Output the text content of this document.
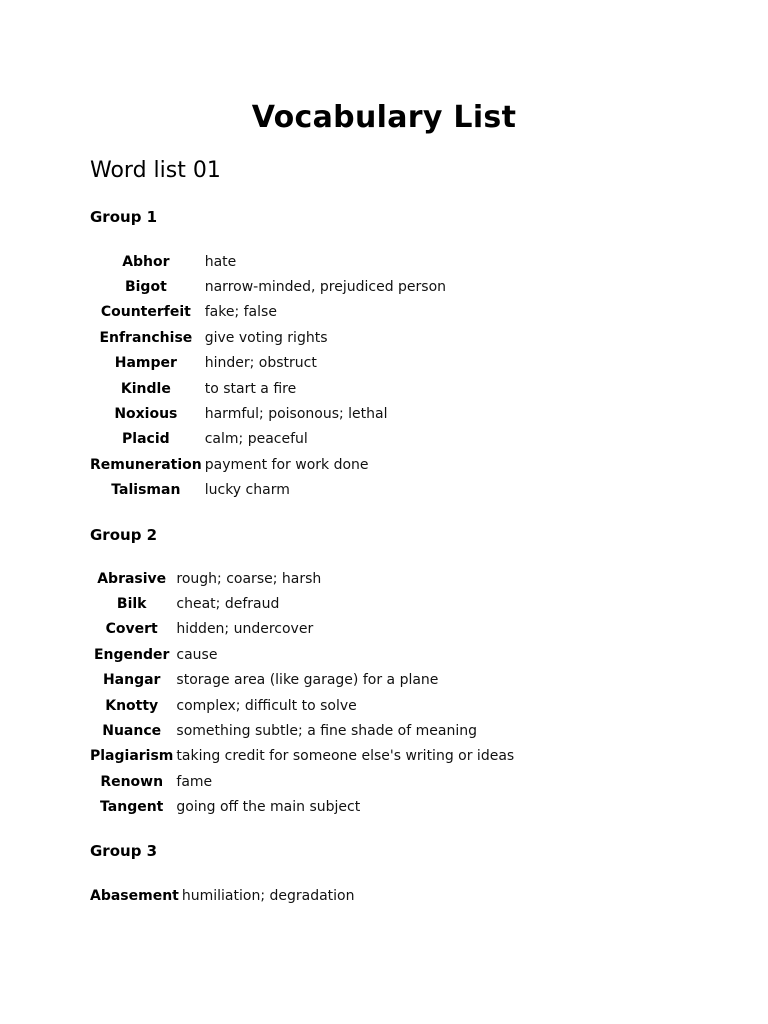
Vocabulary List
Word list 01
Group 1
Abhor	hate
Bigot	narrow-minded, prejudiced person
Counterfeit	fake; false
Enfranchise	give voting rights
Hamper	hinder; obstruct
Kindle	to start a fire
Noxious	harmful; poisonous; lethal
Placid	calm; peaceful
Remuneration	payment for work done
Talisman	lucky charm
Group 2
Abrasive	rough; coarse; harsh
Bilk	cheat; defraud
Covert	hidden; undercover
Engender	cause
Hangar	storage area (like garage) for a plane
Knotty	complex; difficult to solve
Nuance	something subtle; a fine shade of meaning
Plagiarism	taking credit for someone else's writing or ideas
Renown	fame
Tangent	going off the main subject
Group 3
Abasement	humiliation; degradation
